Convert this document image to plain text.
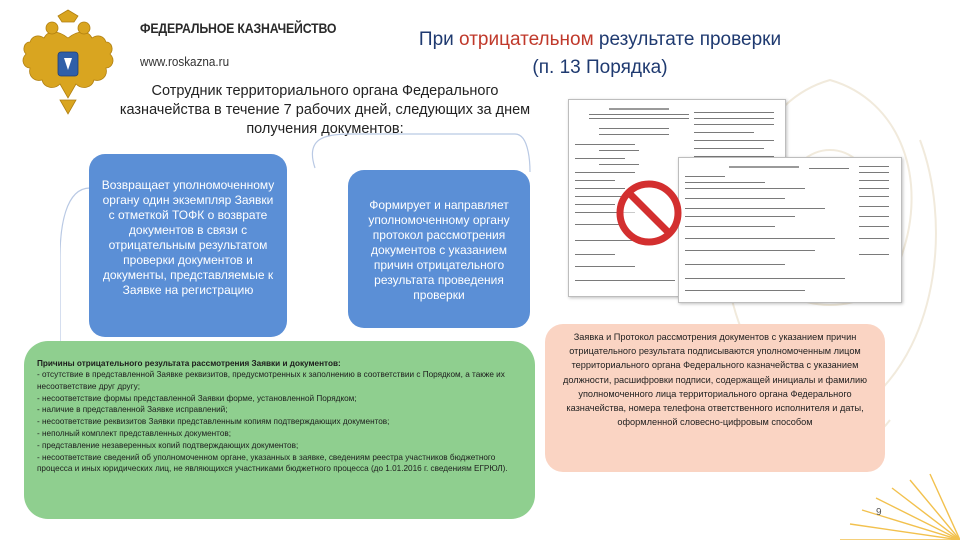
ФЕДЕРАЛЬНОЕ КАЗНАЧЕЙСТВО
www.roskazna.ru
При отрицательном результате проверки
(п. 13 Порядка)
Сотрудник территориального органа Федерального казначейства в течение 7 рабочих дней, следующих за днем получения документов:
Возвращает уполномоченному органу один экземпляр Заявки с отметкой ТОФК о возврате документов в связи с отрицательным результатом проверки документов и документы, представляемые к Заявке на регистрацию
Формирует и направляет уполномоченному органу протокол рассмотрения документов с указанием причин отрицательного результата проведения проверки
Причины отрицательного результата рассмотрения Заявки и документов:
- отсутствие в представленной Заявке реквизитов, предусмотренных к заполнению в соответствии с Порядком, а также их несоответствие друг другу;
- несоответствие формы представленной Заявки форме, установленной Порядком;
- наличие в представленной Заявке исправлений;
- несоответствие реквизитов Заявки представленным копиям подтверждающих документов;
- неполный комплект представленных документов;
- представление незаверенных копий подтверждающих документов;
- несоответствие сведений об уполномоченном органе, указанных в заявке, сведениям реестра участников бюджетного процесса и иных юридических лиц, не являющихся участниками бюджетного процесса (до 1.01.2016 г. сведениям ЕГРЮЛ).
Заявка и Протокол рассмотрения документов с указанием причин отрицательного результата подписываются уполномоченным лицом территориального органа Федерального казначейства с указанием должности, расшифровки подписи, содержащей инициалы и фамилию уполномоченного лица территориального органа Федерального казначейства, номера телефона ответственного исполнителя и даты, оформленной словесно-цифровым способом
9
